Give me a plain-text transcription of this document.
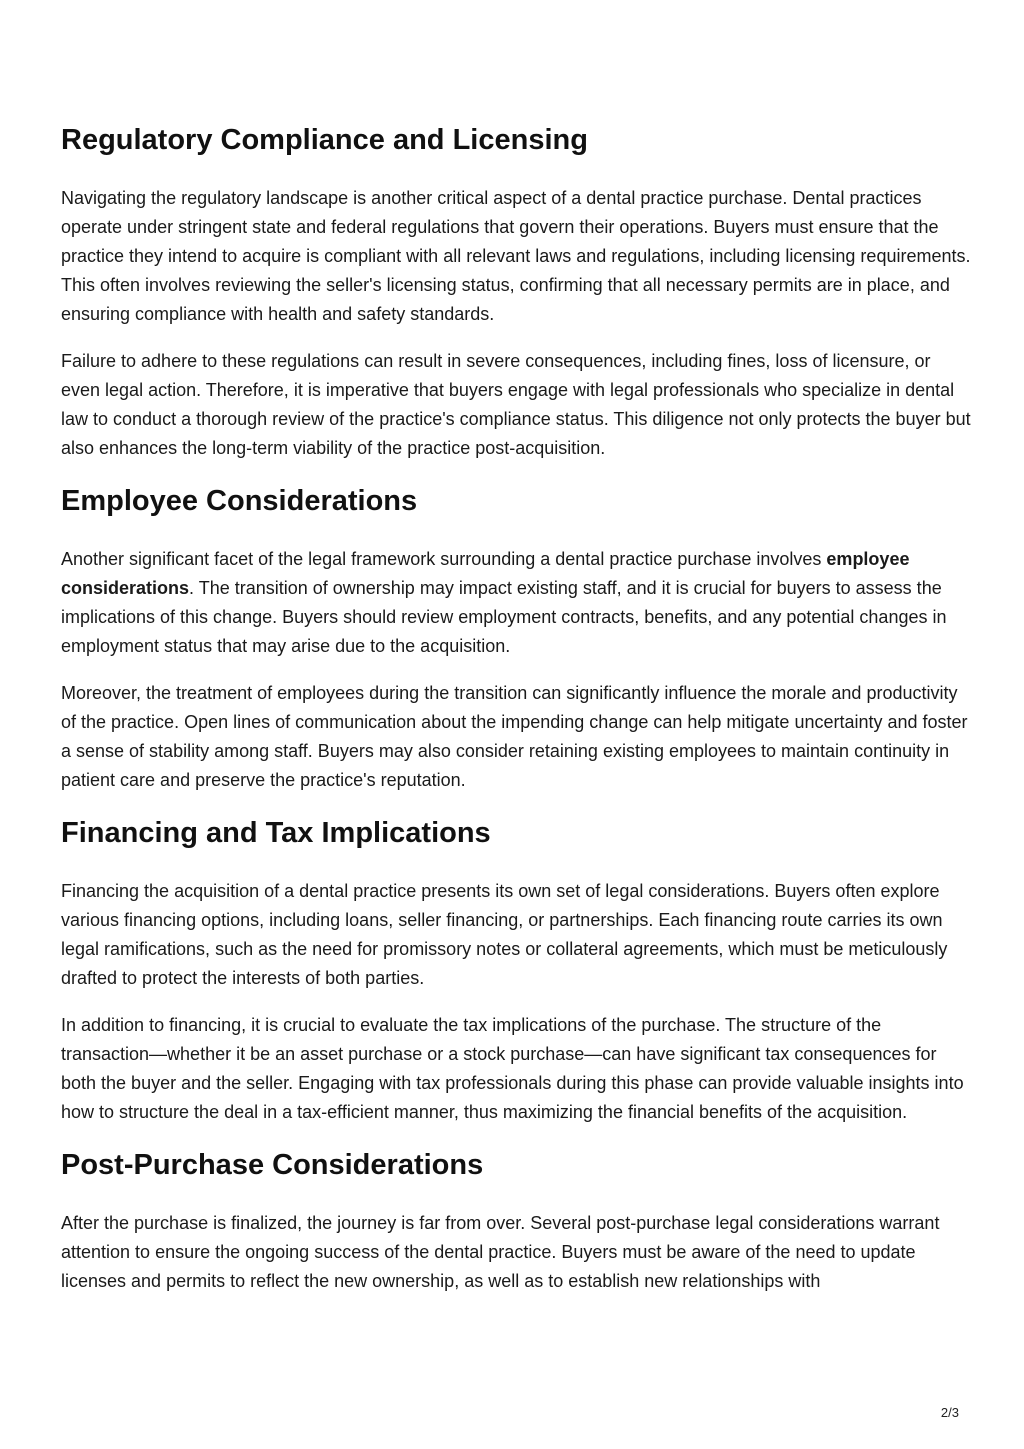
Regulatory Compliance and Licensing

Navigating the regulatory landscape is another critical aspect of a dental practice purchase. Dental practices operate under stringent state and federal regulations that govern their operations. Buyers must ensure that the practice they intend to acquire is compliant with all relevant laws and regulations, including licensing requirements. This often involves reviewing the seller's licensing status, confirming that all necessary permits are in place, and ensuring compliance with health and safety standards.

Failure to adhere to these regulations can result in severe consequences, including fines, loss of licensure, or even legal action. Therefore, it is imperative that buyers engage with legal professionals who specialize in dental law to conduct a thorough review of the practice's compliance status. This diligence not only protects the buyer but also enhances the long-term viability of the practice post-acquisition.

Employee Considerations

Another significant facet of the legal framework surrounding a dental practice purchase involves employee considerations. The transition of ownership may impact existing staff, and it is crucial for buyers to assess the implications of this change. Buyers should review employment contracts, benefits, and any potential changes in employment status that may arise due to the acquisition.

Moreover, the treatment of employees during the transition can significantly influence the morale and productivity of the practice. Open lines of communication about the impending change can help mitigate uncertainty and foster a sense of stability among staff. Buyers may also consider retaining existing employees to maintain continuity in patient care and preserve the practice's reputation.

Financing and Tax Implications

Financing the acquisition of a dental practice presents its own set of legal considerations. Buyers often explore various financing options, including loans, seller financing, or partnerships. Each financing route carries its own legal ramifications, such as the need for promissory notes or collateral agreements, which must be meticulously drafted to protect the interests of both parties.

In addition to financing, it is crucial to evaluate the tax implications of the purchase. The structure of the transaction—whether it be an asset purchase or a stock purchase—can have significant tax consequences for both the buyer and the seller. Engaging with tax professionals during this phase can provide valuable insights into how to structure the deal in a tax-efficient manner, thus maximizing the financial benefits of the acquisition.

Post-Purchase Considerations

After the purchase is finalized, the journey is far from over. Several post-purchase legal considerations warrant attention to ensure the ongoing success of the dental practice. Buyers must be aware of the need to update licenses and permits to reflect the new ownership, as well as to establish new relationships with

2/3
